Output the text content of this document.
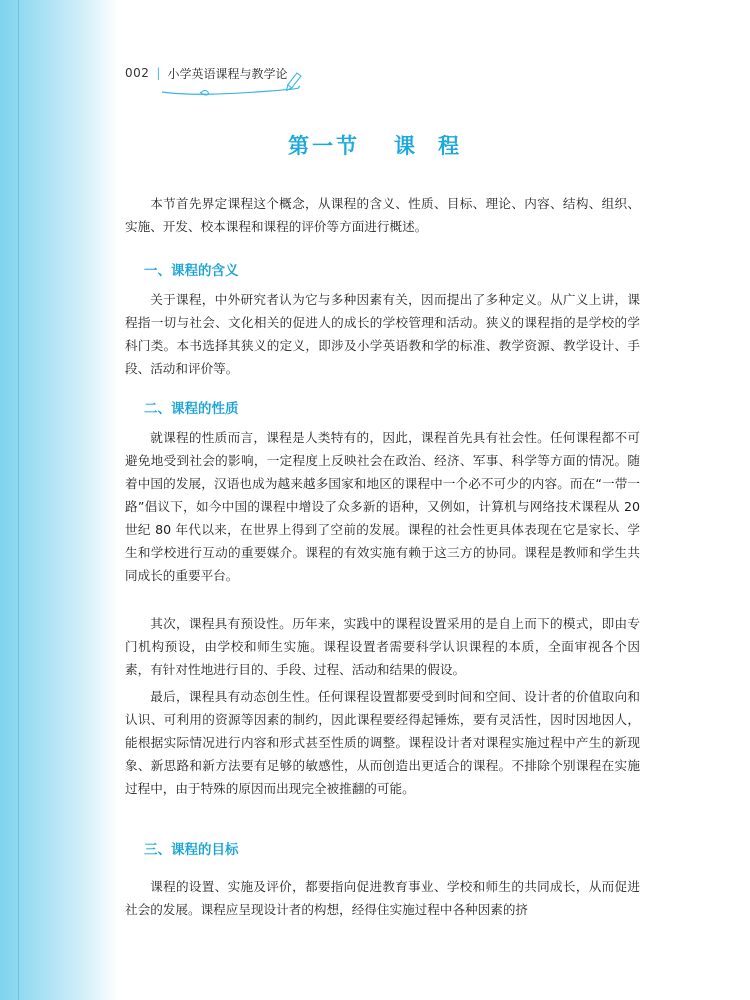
002 | 小学英语课程与教学论
第一节 课 程

本节首先界定课程这个概念，从课程的含义、性质、目标、理论、内容、结构、组织、实施、开发、校本课程和课程的评价等方面进行概述。

一、课程的含义

关于课程，中外研究者认为它与多种因素有关，因而提出了多种定义。从广义上讲，课程指一切与社会、文化相关的促进人的成长的学校管理和活动。狭义的课程指的是学校的学科门类。本书选择其狭义的定义，即涉及小学英语教和学的标准、教学资源、教学设计、手段、活动和评价等。

二、课程的性质

就课程的性质而言，课程是人类特有的，因此，课程首先具有社会性。任何课程都不可避免地受到社会的影响，一定程度上反映社会在政治、经济、军事、科学等方面的情况。随着中国的发展，汉语也成为越来越多国家和地区的课程中一个必不可少的内容。而在“一带一路”倡议下，如今中国的课程中增设了众多新的语种，又例如，计算机与网络技术课程从 20 世纪 80 年代以来，在世界上得到了空前的发展。课程的社会性更具体表现在它是家长、学生和学校进行互动的重要媒介。课程的有效实施有赖于这三方的协同。课程是教师和学生共同成长的重要平台。

其次，课程具有预设性。历年来，实践中的课程设置采用的是自上而下的模式，即由专门机构预设，由学校和师生实施。课程设置者需要科学认识课程的本质，全面审视各个因素，有针对性地进行目的、手段、过程、活动和结果的假设。

最后，课程具有动态创生性。任何课程设置都要受到时间和空间、设计者的价值取向和认识、可利用的资源等因素的制约，因此课程要经得起锤炼，要有灵活性，因时因地因人，能根据实际情况进行内容和形式甚至性质的调整。课程设计者对课程实施过程中产生的新现象、新思路和新方法要有足够的敏感性，从而创造出更适合的课程。不排除个别课程在实施过程中，由于特殊的原因而出现完全被推翻的可能。

三、课程的目标

课程的设置、实施及评价，都要指向促进教育事业、学校和师生的共同成长，从而促进社会的发展。课程应呈现设计者的构想，经得住实施过程中各种因素的挤
